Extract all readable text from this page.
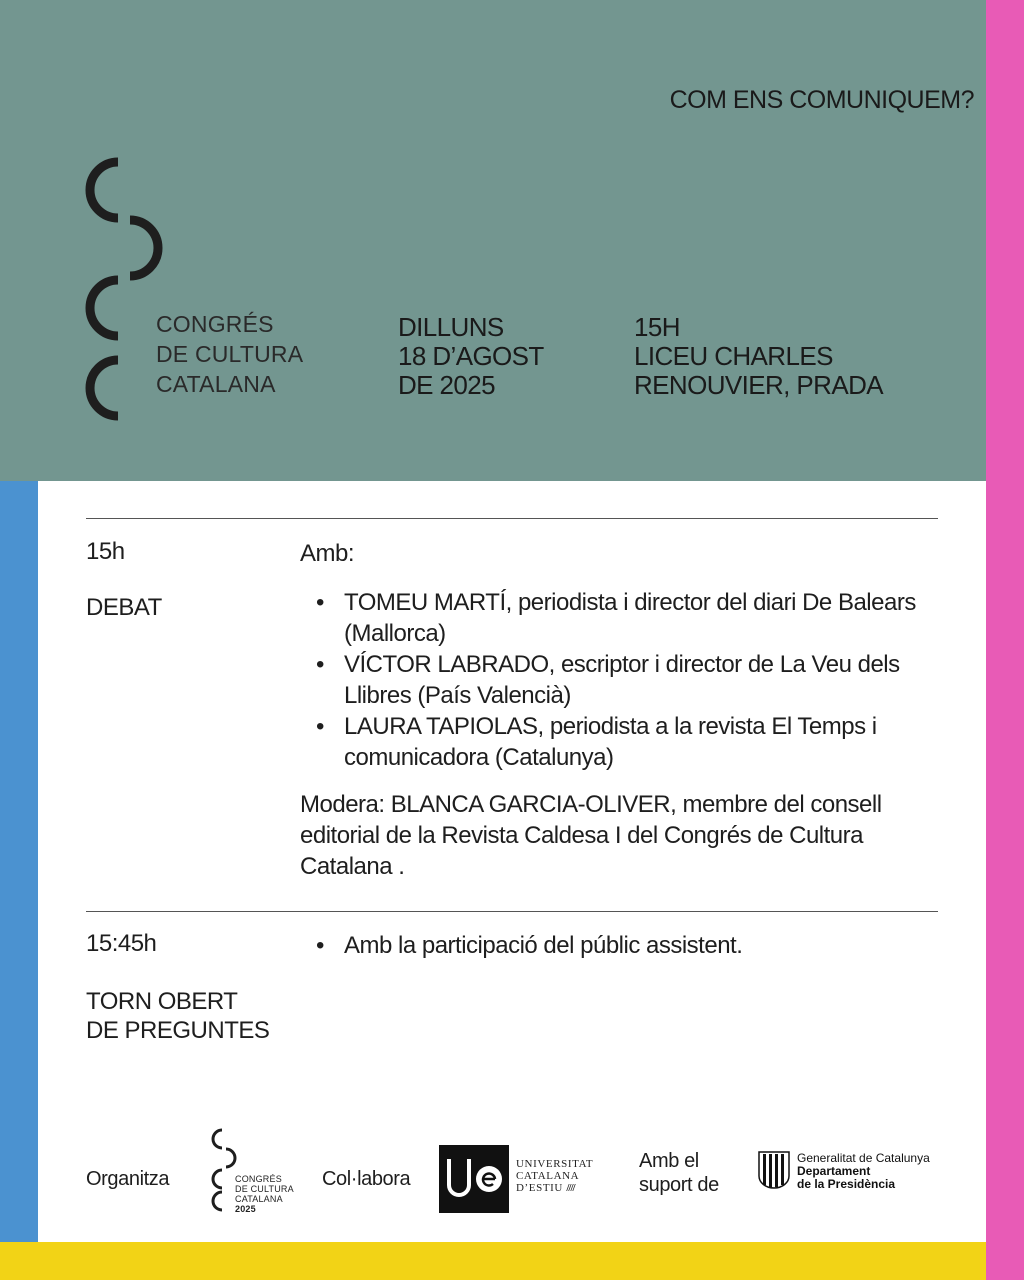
COM ENS COMUNIQUEM?
CONGRÉS
DE CULTURA
CATALANA
DILLUNS
18 D’AGOST
DE 2025
15H
LICEU CHARLES
RENOUVIER, PRADA
15h
DEBAT
Amb:
• TOMEU MARTÍ, periodista i director del diari De Balears (Mallorca)
• VÍCTOR LABRADO, escriptor i director de La Veu dels Llibres (País Valencià)
• LAURA TAPIOLAS, periodista a la revista El Temps i comunicadora (Catalunya)
Modera: BLANCA GARCIA-OLIVER, membre del consell editorial de la Revista Caldesa I del Congrés de Cultura Catalana .
15:45h
TORN OBERT
DE PREGUNTES
• Amb la participació del públic assistent.
Organitza	CONGRÉS
DE CULTURA
CATALANA
2025
Col·labora
UNIVERSITAT
CATALANA
D’ESTIU ////
Amb el
suport de
Generalitat de Catalunya
Departament
de la Presidència
